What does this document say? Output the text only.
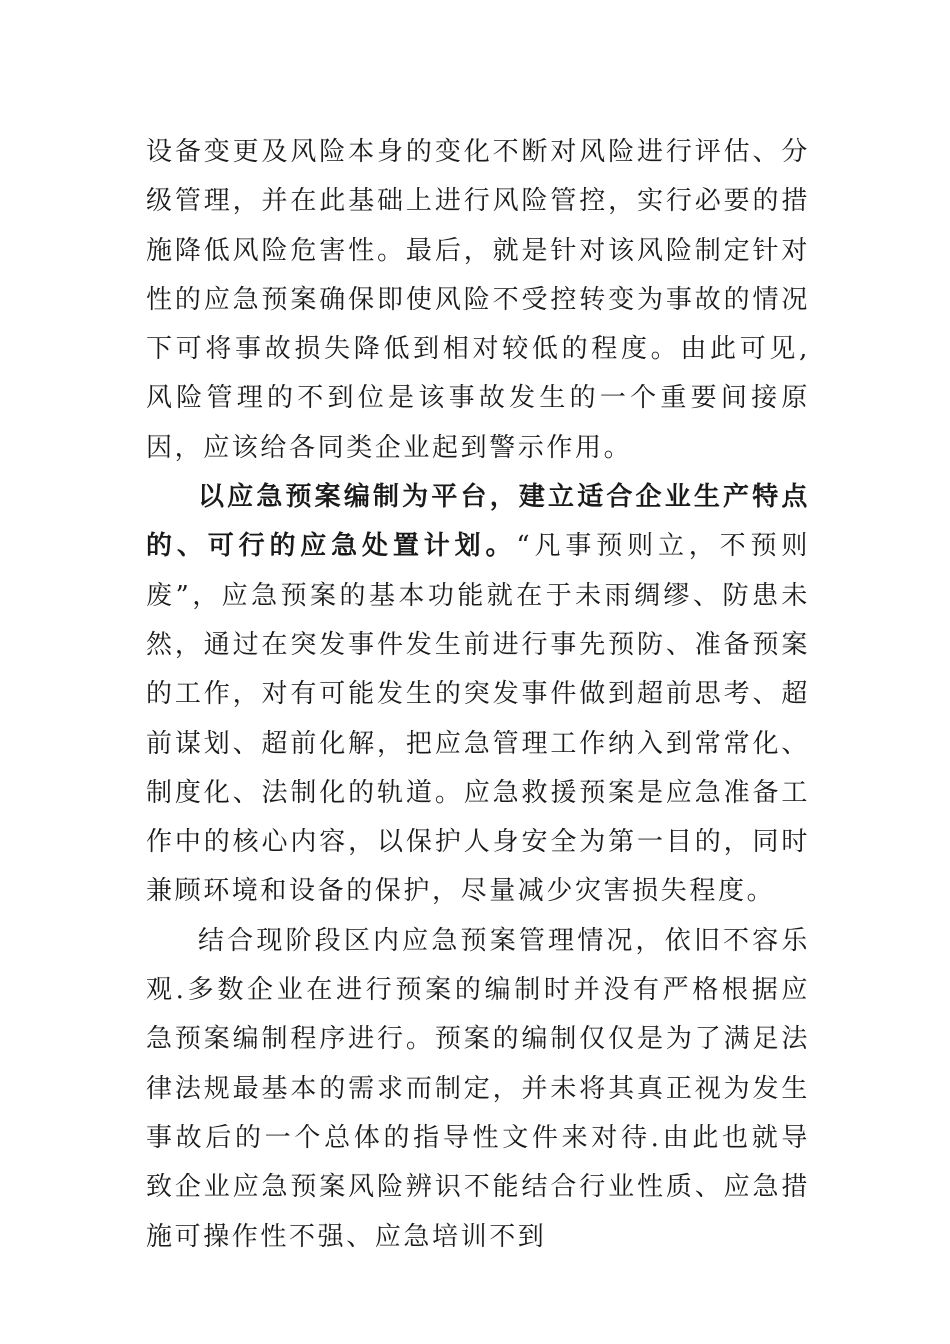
设备变更及风险本身的变化不断对风险进行评估、分级管理，并在此基础上进行风险管控，实行必要的措施降低风险危害性。最后，就是针对该风险制定针对性的应急预案确保即使风险不受控转变为事故的情况下可将事故损失降低到相对较低的程度。由此可见,风险管理的不到位是该事故发生的一个重要间接原因，应该给各同类企业起到警示作用。

以应急预案编制为平台，建立适合企业生产特点的、可行的应急处置计划。“凡事预则立，不预则废”，应急预案的基本功能就在于未雨绸缪、防患未然，通过在突发事件发生前进行事先预防、准备预案的工作，对有可能发生的突发事件做到超前思考、超前谋划、超前化解，把应急管理工作纳入到常常化、制度化、法制化的轨道。应急救援预案是应急准备工作中的核心内容，以保护人身安全为第一目的，同时兼顾环境和设备的保护，尽量减少灾害损失程度。

结合现阶段区内应急预案管理情况，依旧不容乐观.多数企业在进行预案的编制时并没有严格根据应急预案编制程序进行。预案的编制仅仅是为了满足法律法规最基本的需求而制定，并未将其真正视为发生事故后的一个总体的指导性文件来对待.由此也就导致企业应急预案风险辨识不能结合行业性质、应急措施可操作性不强、应急培训不到
